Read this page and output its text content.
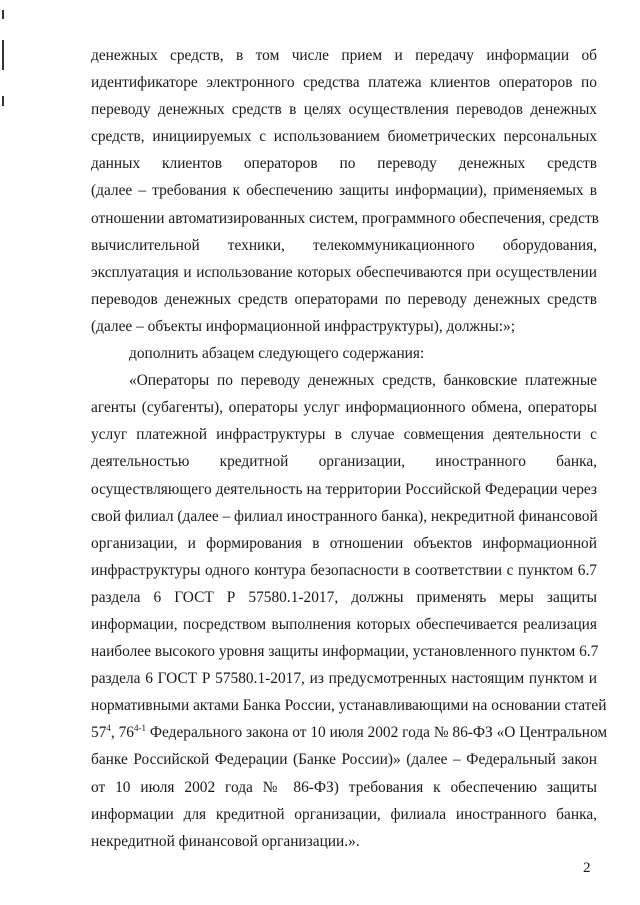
денежных средств, в том числе прием и передачу информации об
идентификаторе электронного средства платежа клиентов операторов по
переводу денежных средств в целях осуществления переводов денежных
средств, инициируемых с использованием биометрических персональных
данных клиентов операторов по переводу денежных средств
(далее – требования к обеспечению защиты информации), применяемых в
отношении автоматизированных систем, программного обеспечения, средств
вычислительной техники, телекоммуникационного оборудования,
эксплуатация и использование которых обеспечиваются при осуществлении
переводов денежных средств операторами по переводу денежных средств
(далее – объекты информационной инфраструктуры), должны:»;
дополнить абзацем следующего содержания:
«Операторы по переводу денежных средств, банковские платежные
агенты (субагенты), операторы услуг информационного обмена, операторы
услуг платежной инфраструктуры в случае совмещения деятельности с
деятельностью кредитной организации, иностранного банка,
осуществляющего деятельность на территории Российской Федерации через
свой филиал (далее – филиал иностранного банка), некредитной финансовой
организации, и формирования в отношении объектов информационной
инфраструктуры одного контура безопасности в соответствии с пунктом 6.7
раздела 6 ГОСТ Р 57580.1-2017, должны применять меры защиты
информации, посредством выполнения которых обеспечивается реализация
наиболее высокого уровня защиты информации, установленного пунктом 6.7
раздела 6 ГОСТ Р 57580.1-2017, из предусмотренных настоящим пунктом и
нормативными актами Банка России, устанавливающими на основании статей
$57^4$, 76$^{4-1}$ Федерального закона от 10 июля 2002 года № 86-ФЗ «О Центральном
банке Российской Федерации (Банке России)» (далее – Федеральный закон
от 10 июля 2002 года № 86-ФЗ) требования к обеспечению защиты
информации для кредитной организации, филиала иностранного банка,
некредитной финансовой организации.».
2
